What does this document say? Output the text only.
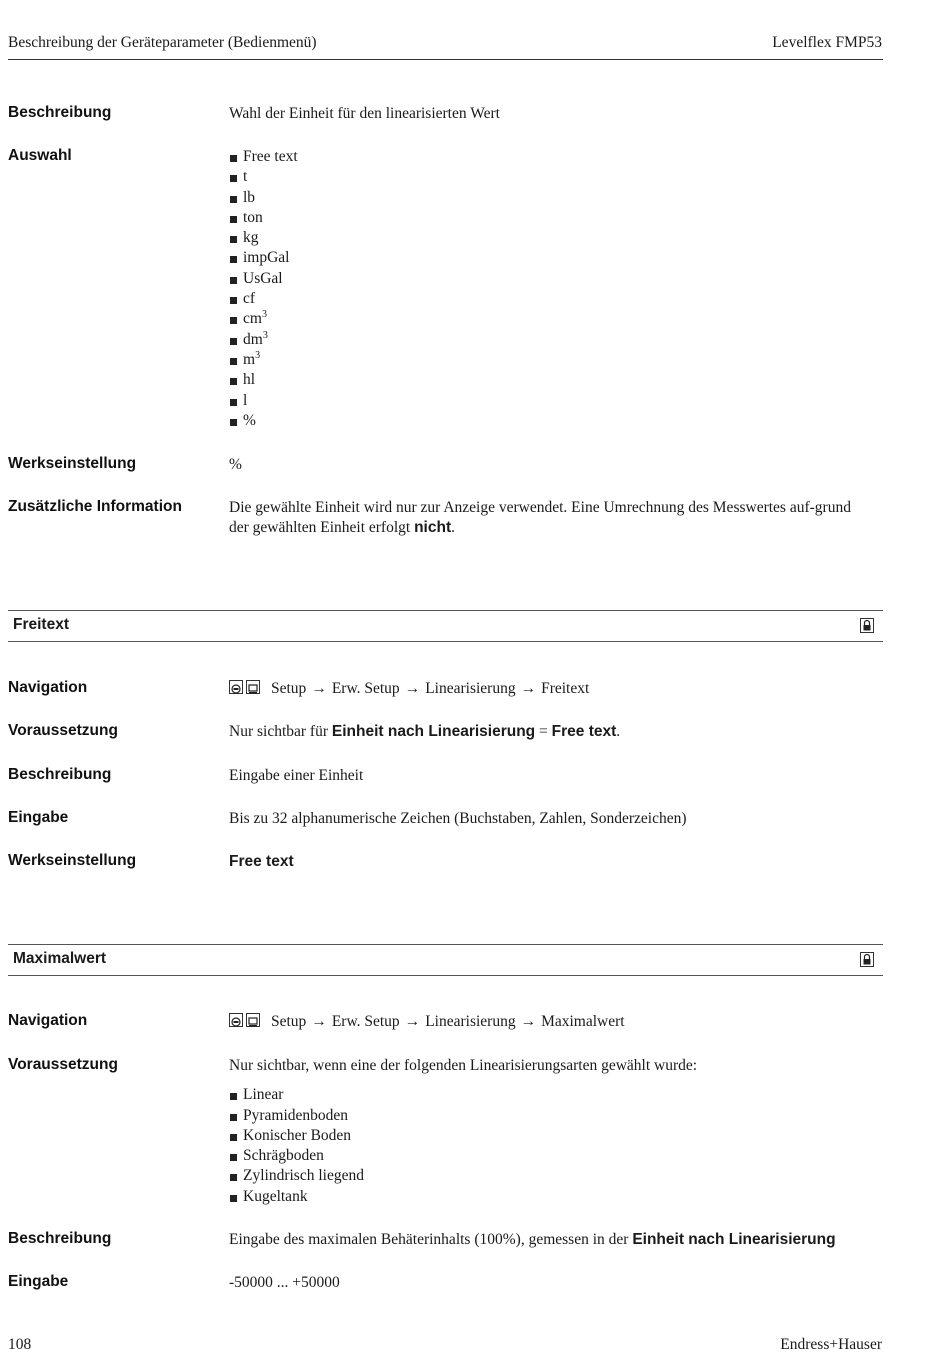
Beschreibung der Geräteparameter (Bedienmenü)	Levelflex FMP53
Beschreibung	Wahl der Einheit für den linearisierten Wert
Auswahl	Free text
t
lb
ton
kg
impGal
UsGal
cf
$cm^3$
$dm^3$
$m^3$
hl
l
%
Werkseinstellung	%
Zusätzliche Information	Die gewählte Einheit wird nur zur Anzeige verwendet. Eine Umrechnung des Messwertes auf-grund der gewählten Einheit erfolgt nicht.
Freitext
Navigation	Setup → Erw. Setup → Linearisierung → Freitext
Voraussetzung	Nur sichtbar für Einheit nach Linearisierung = Free text.
Beschreibung	Eingabe einer Einheit
Eingabe	Bis zu 32 alphanumerische Zeichen (Buchstaben, Zahlen, Sonderzeichen)
Werkseinstellung	Free text
Maximalwert
Navigation	Setup → Erw. Setup → Linearisierung → Maximalwert
Voraussetzung	Nur sichtbar, wenn eine der folgenden Linearisierungsarten gewählt wurde:
Linear
Pyramidenboden
Konischer Boden
Schrägboden
Zylindrisch liegend
Kugeltank
Beschreibung	Eingabe des maximalen Behäterinhalts (100%), gemessen in der Einheit nach Linearisierung
Eingabe	-50000 ... +50000
108	Endress+Hauser
